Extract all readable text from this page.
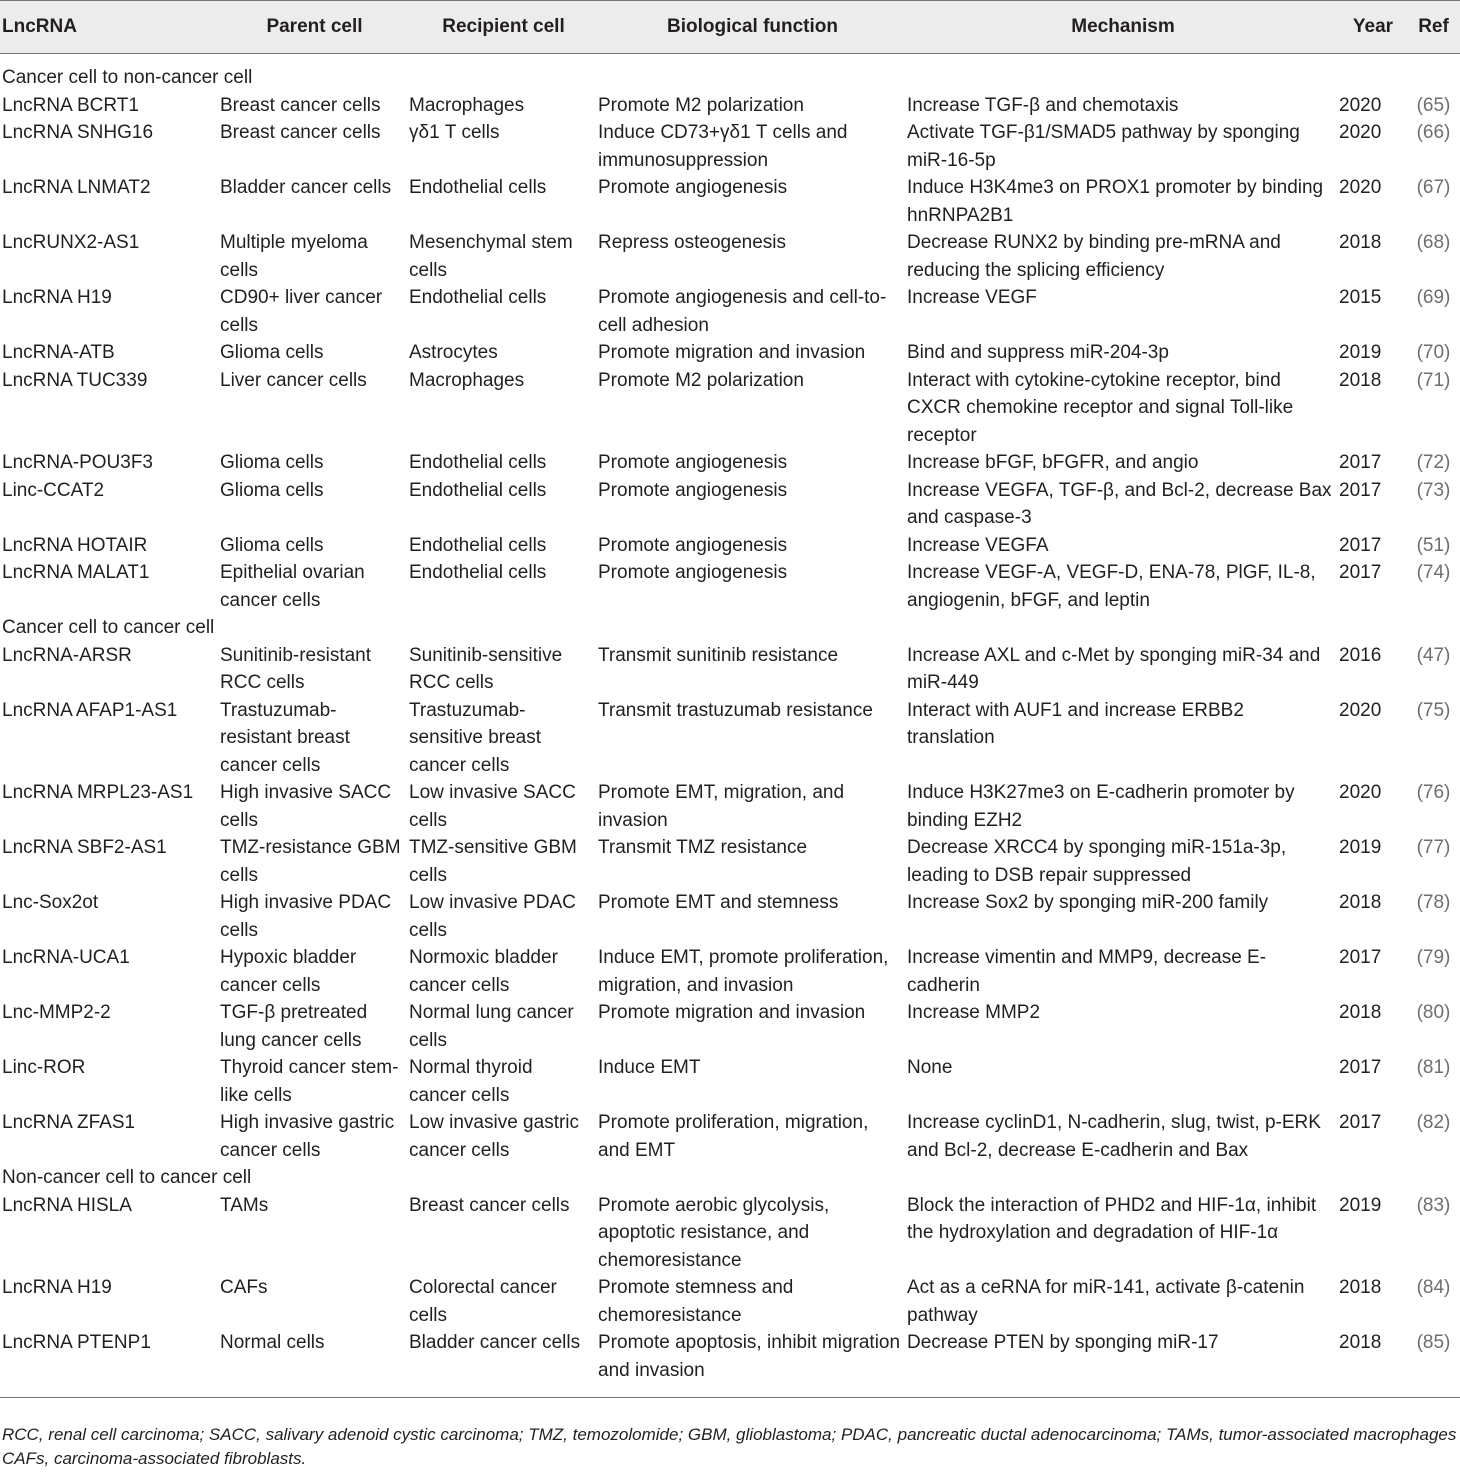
LncRNA	Parent cell	Recipient cell	Biological function	Mechanism	Year	Ref
Cancer cell to non-cancer cell						
LncRNA BCRT1	Breast cancer cells	Macrophages	Promote M2 polarization	Increase TGF-β and chemotaxis	2020	(65)
LncRNA SNHG16	Breast cancer cells	γδ1 T cells	Induce CD73+γδ1 T cells and immunosuppression	Activate TGF-β1/SMAD5 pathway by sponging miR-16-5p	2020	(66)
LncRNA LNMAT2	Bladder cancer cells	Endothelial cells	Promote angiogenesis	Induce H3K4me3 on PROX1 promoter by binding hnRNPA2B1	2020	(67)
LncRUNX2-AS1	Multiple myeloma cells	Mesenchymal stem cells	Repress osteogenesis	Decrease RUNX2 by binding pre-mRNA and reducing the splicing efficiency	2018	(68)
LncRNA H19	CD90+ liver cancer cells	Endothelial cells	Promote angiogenesis and cell-to-cell adhesion	Increase VEGF	2015	(69)
LncRNA-ATB	Glioma cells	Astrocytes	Promote migration and invasion	Bind and suppress miR-204-3p	2019	(70)
LncRNA TUC339	Liver cancer cells	Macrophages	Promote M2 polarization	Interact with cytokine-cytokine receptor, bind CXCR chemokine receptor and signal Toll-like receptor	2018	(71)
LncRNA-POU3F3	Glioma cells	Endothelial cells	Promote angiogenesis	Increase bFGF, bFGFR, and angio	2017	(72)
Linc-CCAT2	Glioma cells	Endothelial cells	Promote angiogenesis	Increase VEGFA, TGF-β, and Bcl-2, decrease Bax and caspase-3	2017	(73)
LncRNA HOTAIR	Glioma cells	Endothelial cells	Promote angiogenesis	Increase VEGFA	2017	(51)
LncRNA MALAT1	Epithelial ovarian cancer cells	Endothelial cells	Promote angiogenesis	Increase VEGF-A, VEGF-D, ENA-78, PlGF, IL-8, angiogenin, bFGF, and leptin	2017	(74)
Cancer cell to cancer cell						
LncRNA-ARSR	Sunitinib-resistant RCC cells	Sunitinib-sensitive RCC cells	Transmit sunitinib resistance	Increase AXL and c-Met by sponging miR-34 and miR-449	2016	(47)
LncRNA AFAP1-AS1	Trastuzumab-resistant breast cancer cells	Trastuzumab-sensitive breast cancer cells	Transmit trastuzumab resistance	Interact with AUF1 and increase ERBB2 translation	2020	(75)
LncRNA MRPL23-AS1	High invasive SACC cells	Low invasive SACC cells	Promote EMT, migration, and invasion	Induce H3K27me3 on E-cadherin promoter by binding EZH2	2020	(76)
LncRNA SBF2-AS1	TMZ-resistance GBM cells	TMZ-sensitive GBM cells	Transmit TMZ resistance	Decrease XRCC4 by sponging miR-151a-3p, leading to DSB repair suppressed	2019	(77)
Lnc-Sox2ot	High invasive PDAC cells	Low invasive PDAC cells	Promote EMT and stemness	Increase Sox2 by sponging miR-200 family	2018	(78)
LncRNA-UCA1	Hypoxic bladder cancer cells	Normoxic bladder cancer cells	Induce EMT, promote proliferation, migration, and invasion	Increase vimentin and MMP9, decrease E-cadherin	2017	(79)
Lnc-MMP2-2	TGF-β pretreated lung cancer cells	Normal lung cancer cells	Promote migration and invasion	Increase MMP2	2018	(80)
Linc-ROR	Thyroid cancer stem-like cells	Normal thyroid cancer cells	Induce EMT	None	2017	(81)
LncRNA ZFAS1	High invasive gastric cancer cells	Low invasive gastric cancer cells	Promote proliferation, migration, and EMT	Increase cyclinD1, N-cadherin, slug, twist, p-ERK and Bcl-2, decrease E-cadherin and Bax	2017	(82)
Non-cancer cell to cancer cell						
LncRNA HISLA	TAMs	Breast cancer cells	Promote aerobic glycolysis, apoptotic resistance, and chemoresistance	Block the interaction of PHD2 and HIF-1α, inhibit the hydroxylation and degradation of HIF-1α	2019	(83)
LncRNA H19	CAFs	Colorectal cancer cells	Promote stemness and chemoresistance	Act as a ceRNA for miR-141, activate β-catenin pathway	2018	(84)
LncRNA PTENP1	Normal cells	Bladder cancer cells	Promote apoptosis, inhibit migration and invasion	Decrease PTEN by sponging miR-17	2018	(85)
RCC, renal cell carcinoma; SACC, salivary adenoid cystic carcinoma; TMZ, temozolomide; GBM, glioblastoma; PDAC, pancreatic ductal adenocarcinoma; TAMs, tumor-associated macrophages CAFs, carcinoma-associated fibroblasts.
